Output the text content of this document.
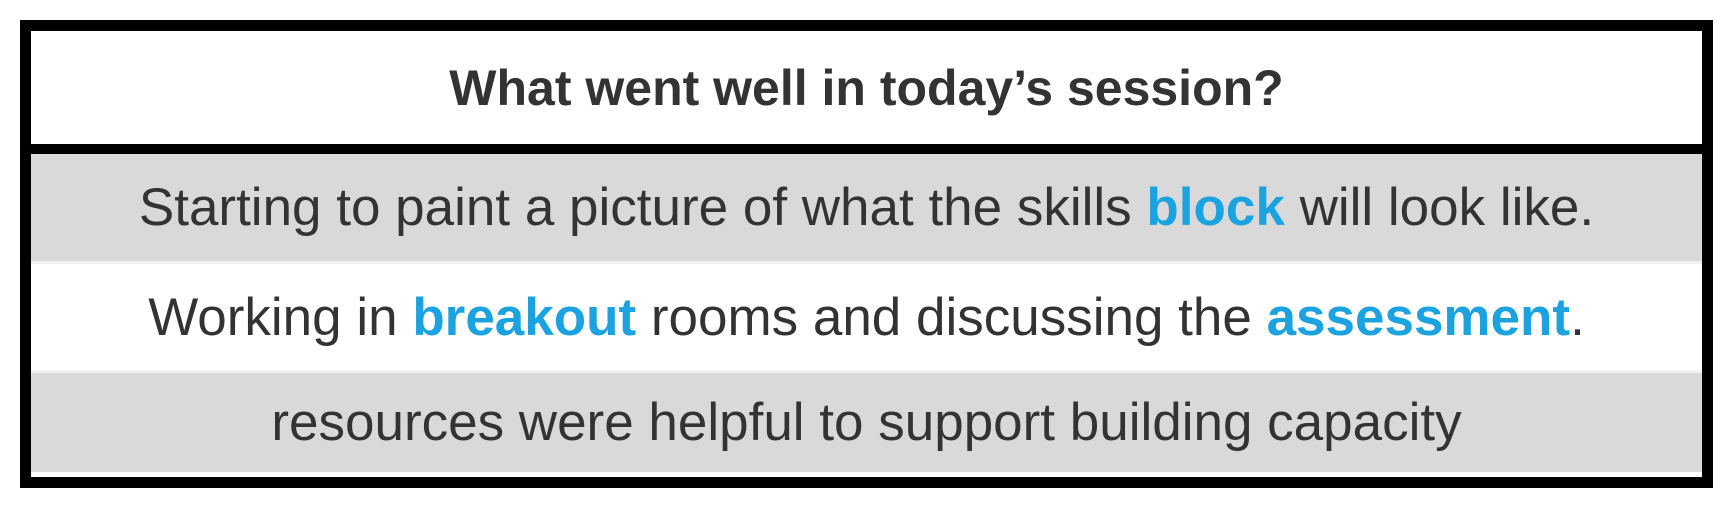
What went well in today’s session?
Starting to paint a picture of what the skills block will look like.
Working in breakout rooms and discussing the assessment .
resources were helpful to support building capacity
